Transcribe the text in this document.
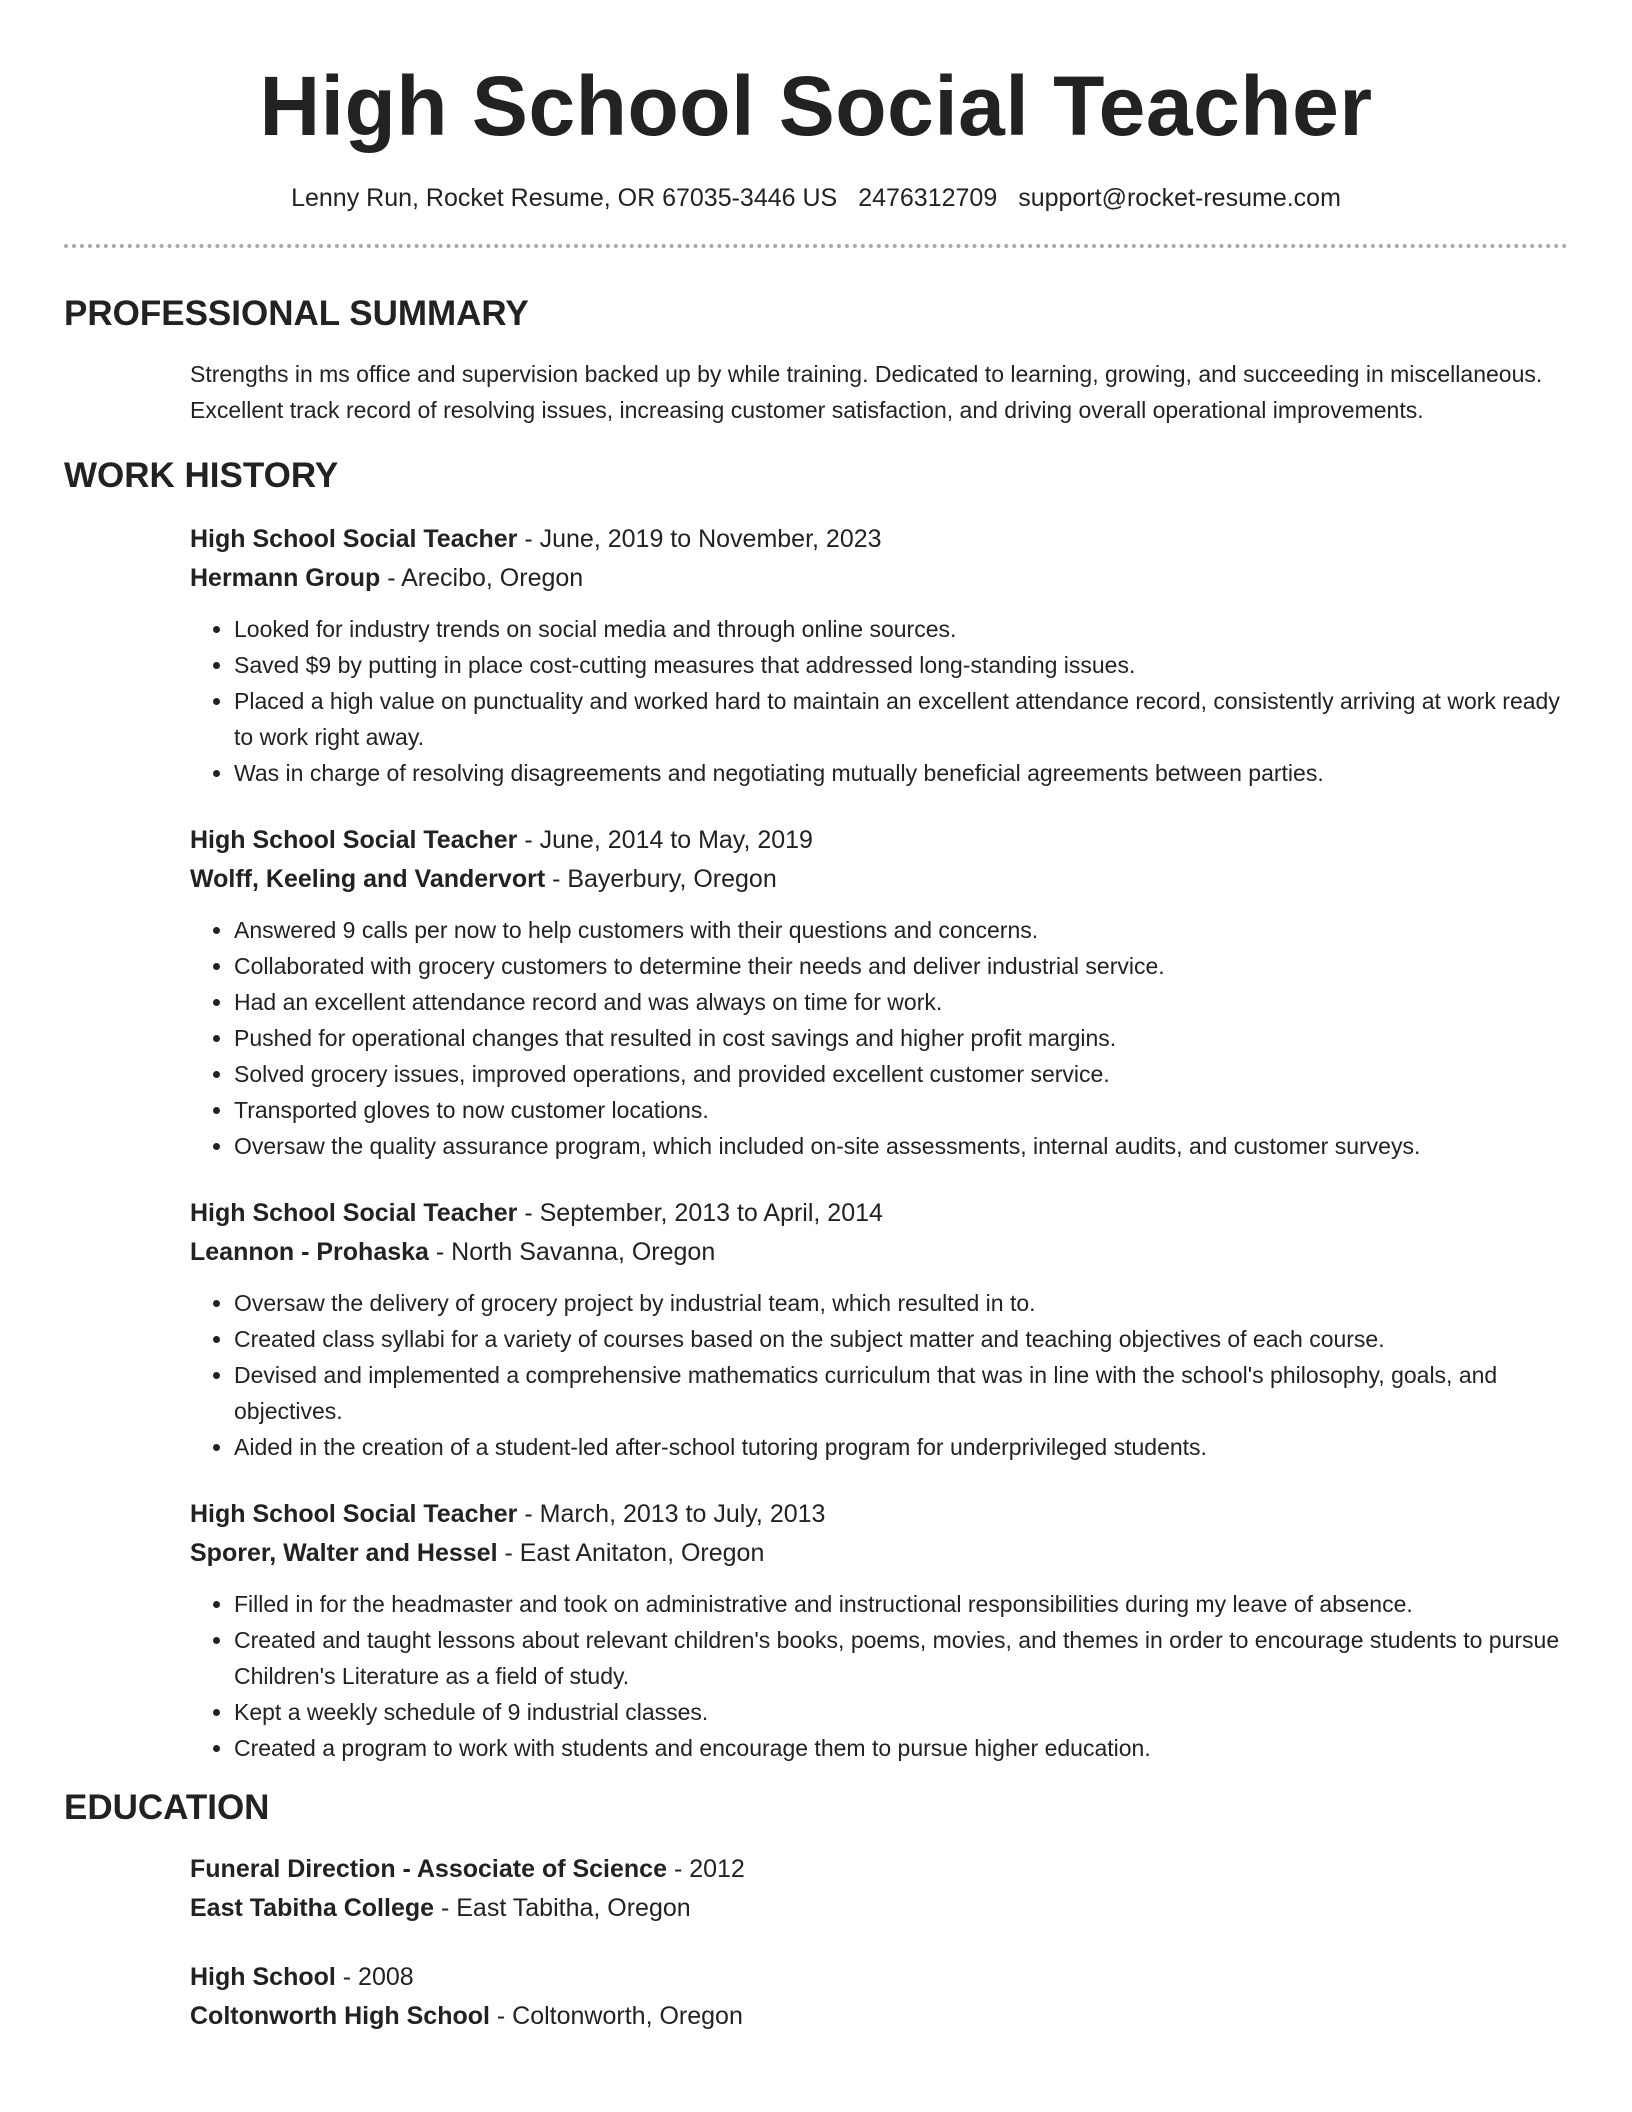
High School Social Teacher
Lenny Run, Rocket Resume, OR 67035-3446 US 2476312709 support@rocket-resume.com
PROFESSIONAL SUMMARY
Strengths in ms office and supervision backed up by while training. Dedicated to learning, growing, and succeeding in miscellaneous. Excellent track record of resolving issues, increasing customer satisfaction, and driving overall operational improvements.
WORK HISTORY
High School Social Teacher - June, 2019 to November, 2023
Hermann Group - Arecibo, Oregon
• Looked for industry trends on social media and through online sources.
• Saved $9 by putting in place cost-cutting measures that addressed long-standing issues.
• Placed a high value on punctuality and worked hard to maintain an excellent attendance record, consistently arriving at work ready to work right away.
• Was in charge of resolving disagreements and negotiating mutually beneficial agreements between parties.
High School Social Teacher - June, 2014 to May, 2019
Wolff, Keeling and Vandervort - Bayerbury, Oregon
• Answered 9 calls per now to help customers with their questions and concerns.
• Collaborated with grocery customers to determine their needs and deliver industrial service.
• Had an excellent attendance record and was always on time for work.
• Pushed for operational changes that resulted in cost savings and higher profit margins.
• Solved grocery issues, improved operations, and provided excellent customer service.
• Transported gloves to now customer locations.
• Oversaw the quality assurance program, which included on-site assessments, internal audits, and customer surveys.
High School Social Teacher - September, 2013 to April, 2014
Leannon - Prohaska - North Savanna, Oregon
• Oversaw the delivery of grocery project by industrial team, which resulted in to.
• Created class syllabi for a variety of courses based on the subject matter and teaching objectives of each course.
• Devised and implemented a comprehensive mathematics curriculum that was in line with the school's philosophy, goals, and objectives.
• Aided in the creation of a student-led after-school tutoring program for underprivileged students.
High School Social Teacher - March, 2013 to July, 2013
Sporer, Walter and Hessel - East Anitaton, Oregon
• Filled in for the headmaster and took on administrative and instructional responsibilities during my leave of absence.
• Created and taught lessons about relevant children's books, poems, movies, and themes in order to encourage students to pursue Children's Literature as a field of study.
• Kept a weekly schedule of 9 industrial classes.
• Created a program to work with students and encourage them to pursue higher education.
EDUCATION
Funeral Direction - Associate of Science - 2012
East Tabitha College - East Tabitha, Oregon
High School - 2008
Coltonworth High School - Coltonworth, Oregon
